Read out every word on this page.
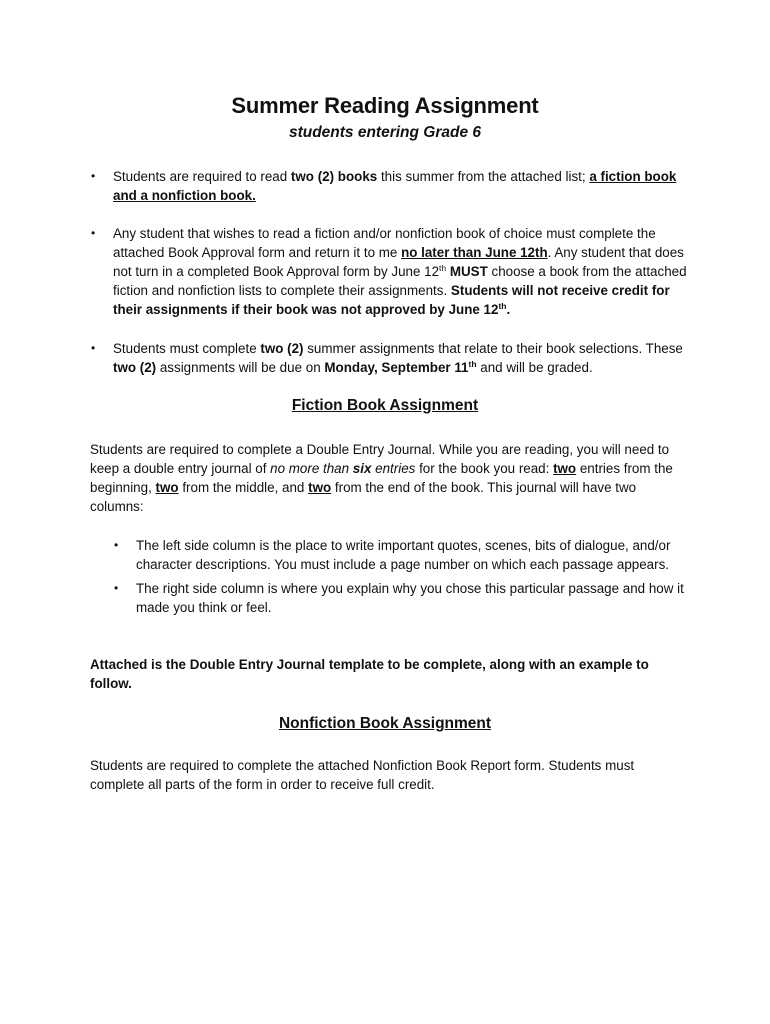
Summer Reading Assignment
students entering Grade 6
• Students are required to read two (2) books this summer from the attached list; a fiction book and a nonfiction book.
• Any student that wishes to read a fiction and/or nonfiction book of choice must complete the attached Book Approval form and return it to me no later than June 12th. Any student that does not turn in a completed Book Approval form by June 12th MUST choose a book from the attached fiction and nonfiction lists to complete their assignments. Students will not receive credit for their assignments if their book was not approved by June 12th.
• Students must complete two (2) summer assignments that relate to their book selections. These two (2) assignments will be due on Monday, September 11th and will be graded.
Fiction Book Assignment
Students are required to complete a Double Entry Journal. While you are reading, you will need to keep a double entry journal of no more than six entries for the book you read: two entries from the beginning, two from the middle, and two from the end of the book. This journal will have two columns:
• The left side column is the place to write important quotes, scenes, bits of dialogue, and/or character descriptions. You must include a page number on which each passage appears.
• The right side column is where you explain why you chose this particular passage and how it made you think or feel.
Attached is the Double Entry Journal template to be complete, along with an example to follow.
Nonfiction Book Assignment
Students are required to complete the attached Nonfiction Book Report form. Students must complete all parts of the form in order to receive full credit.
